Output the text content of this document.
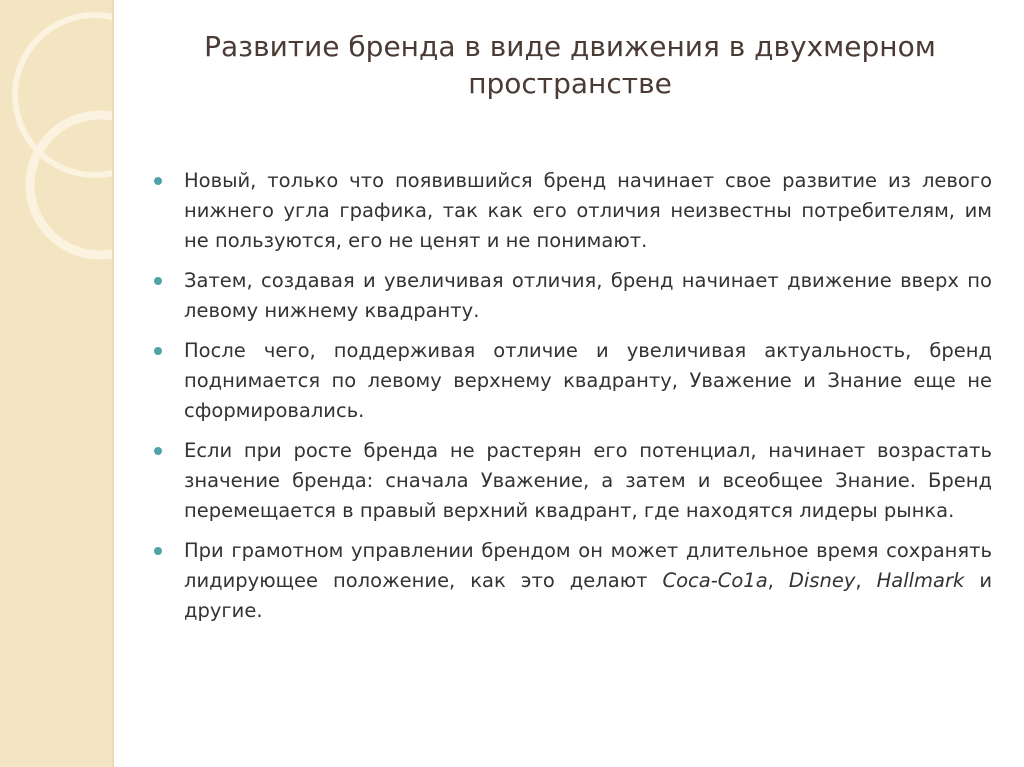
Развитие бренда в виде движения в двухмерном пространстве
Новый, только что появившийся бренд начинает свое развитие из левого нижнего угла графика, так как его отличия неизвестны потребителям, им не пользуются, его не ценят и не понимают.
Затем, создавая и увеличивая отличия, бренд начинает движение вверх по левому нижнему квадранту.
После чего, поддерживая отличие и увеличивая актуальность, бренд поднимается по левому верхнему квадранту, Уважение и Знание еще не сформировались.
Если при росте бренда не растерян его потенциал, начинает возрастать значение бренда: сначала Уважение, а затем и всеобщее Знание. Бренд перемещается в правый верхний квадрант, где находятся лидеры рынка.
При грамотном управлении брендом он может длительное время сохранять лидирующее положение, как это делают Coca-Co1a, Disney, Hallmark и другие.
